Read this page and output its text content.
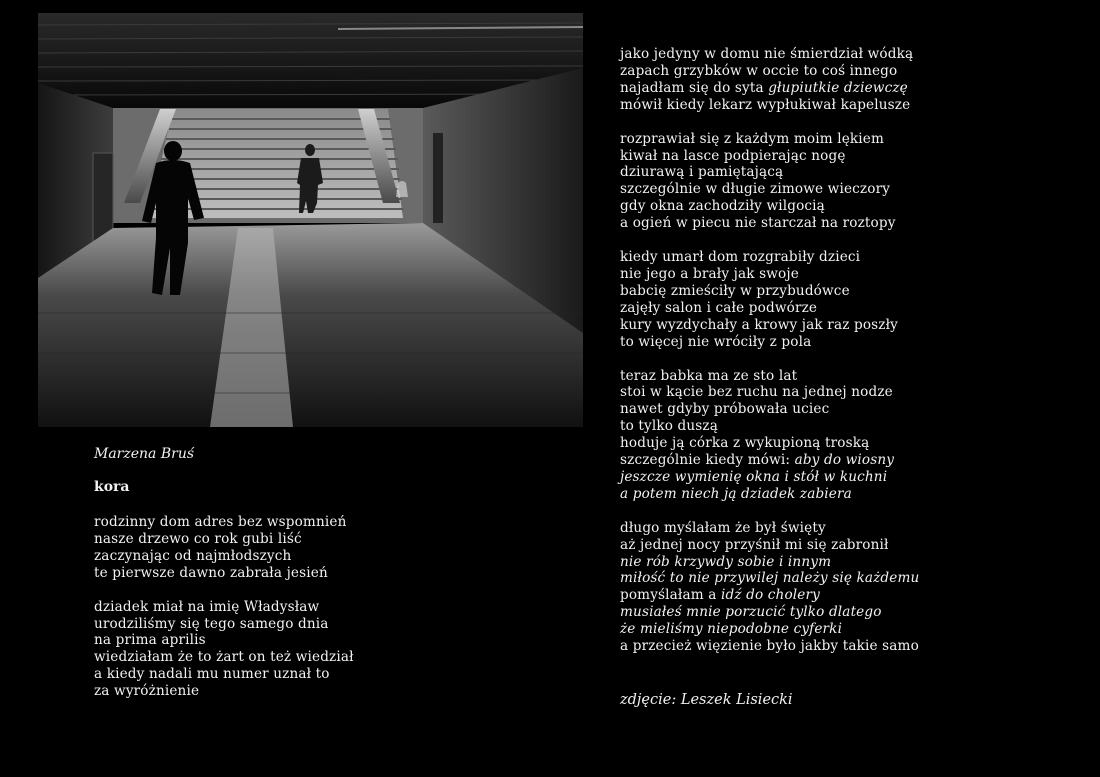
Marzena Bruś

kora

rodzinny dom adres bez wspomnień
nasze drzewo co rok gubi liść
zaczynając od najmłodszych
te pierwsze dawno zabrała jesień
dziadek miał na imię Władysław
urodziliśmy się tego samego dnia
na prima aprilis
wiedziałam że to żart on też wiedział
a kiedy nadali mu numer uznał to
za wyróżnienie
jako jedyny w domu nie śmierdział wódką
zapach grzybków w occie to coś innego
najadłam się do syta głupiutkie dziewczę
mówił kiedy lekarz wypłukiwał kapelusze
rozprawiał się z każdym moim lękiem
kiwał na lasce podpierając nogę
dziurawą i pamiętającą
szczególnie w długie zimowe wieczory
gdy okna zachodziły wilgocią
a ogień w piecu nie starczał na roztopy
kiedy umarł dom rozgrabiły dzieci
nie jego a brały jak swoje
babcię zmieściły w przybudówce
zajęły salon i całe podwórze
kury wyzdychały a krowy jak raz poszły
to więcej nie wróciły z pola
teraz babka ma ze sto lat
stoi w kącie bez ruchu na jednej nodze
nawet gdyby próbowała uciec
to tylko duszą
hoduje ją córka z wykupioną troską
szczególnie kiedy mówi: aby do wiosny
jeszcze wymienię okna i stół w kuchni
a potem niech ją dziadek zabiera
długo myślałam że był święty
aż jednej nocy przyśnił mi się zabronił
nie rób krzywdy sobie i innym
miłość to nie przywilej należy się każdemu
pomyślałam a idź do cholery
musiałeś mnie porzucić tylko dlatego
że mieliśmy niepodobne cyferki
a przecież więzienie było jakby takie samo

zdjęcie: Leszek Lisiecki
